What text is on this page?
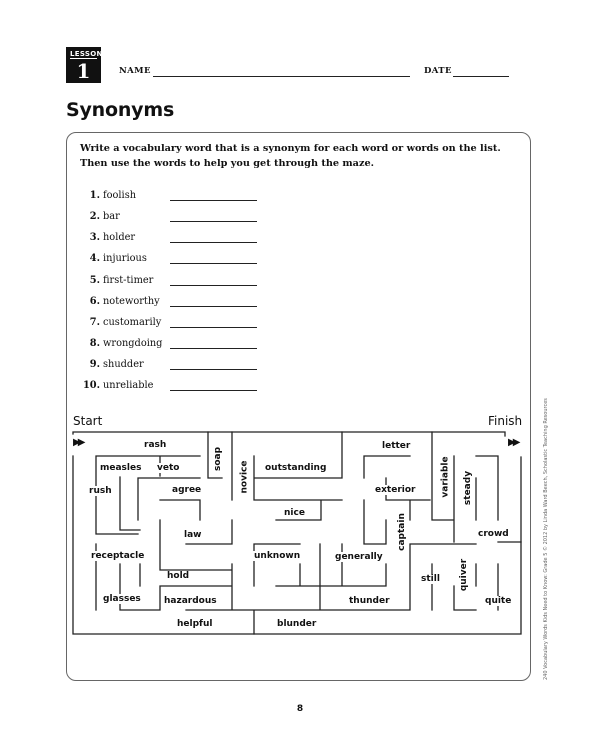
LESSON
1	NAME	DATE
Synonyms
Write a vocabulary word that is a synonym for each word or words on the list. Then use the words to help you get through the maze.
1. foolish
2. bar
3. holder
4. injurious
5. first-timer
6. noteworthy
7. customarily
8. wrongdoing
9. shudder
10. unreliable
Start	Finish
▶▶	▶▶
rash
soap
letter
measles veto	novice outstanding	variable steady
rush	agree	exterior
nice
captain
law	crowd
receptacle	unknown	generally
hold	quiver
still
glasses	hazardous	thunder	quite
helpful	blunder	240 Vocabulary Words Kids Need to Know: Grade 5 © 2012 by Linda Ward Beech, Scholastic Teaching Resources
8
